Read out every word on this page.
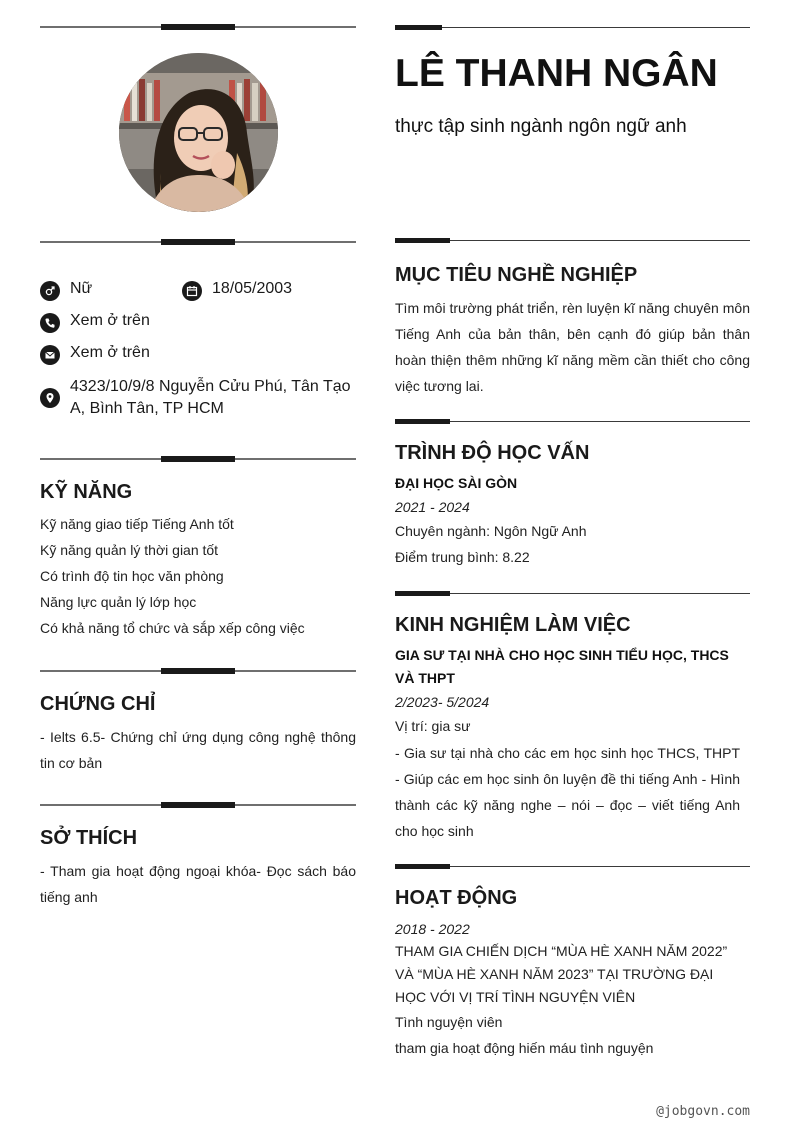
Nữ	18/05/2003
Xem ở trên
Xem ở trên
4323/10/9/8 Nguyễn Cửu Phú, Tân Tạo
A, Bình Tân, TP HCM
KỸ NĂNG
Kỹ năng giao tiếp Tiếng Anh tốt
Kỹ năng quản lý thời gian tốt
Có trình độ tin học văn phòng
Năng lực quản lý lớp học
Có khả năng tổ chức và sắp xếp công việc
CHỨNG CHỈ
- Ielts 6.5- Chứng chỉ ứng dụng công nghệ thông tin cơ bản
SỞ THÍCH
- Tham gia hoạt động ngoại khóa- Đọc sách báo tiếng anh
LÊ THANH NGÂN
thực tập sinh ngành ngôn ngữ anh
MỤC TIÊU NGHỀ NGHIỆP
Tìm môi trường phát triển, rèn luyện kĩ năng chuyên môn Tiếng Anh của bản thân, bên cạnh đó giúp bản thân hoàn thiện thêm những kĩ năng mềm cần thiết cho công việc tương lai.
TRÌNH ĐỘ HỌC VẤN
ĐẠI HỌC SÀI GÒN
2021 - 2024
Chuyên ngành: Ngôn Ngữ Anh
Điểm trung bình: 8.22
KINH NGHIỆM LÀM VIỆC
GIA SƯ TẠI NHÀ CHO HỌC SINH TIỂU HỌC, THCS VÀ THPT
2/2023- 5/2024
Vị trí: gia sư
- Gia sư tại nhà cho các em học sinh học THCS, THPT - Giúp các em học sinh ôn luyện đề thi tiếng Anh - Hình thành các kỹ năng nghe – nói – đọc – viết tiếng Anh cho học sinh
HOẠT ĐỘNG
2018 - 2022
THAM GIA CHIẾN DỊCH “MÙA HÈ XANH NĂM 2022” VÀ “MÙA HÈ XANH NĂM 2023” TẠI TRƯỜNG ĐẠI HỌC VỚI VỊ TRÍ TÌNH NGUYỆN VIÊN
Tình nguyện viên
tham gia hoạt động hiến máu tình nguyện
@jobgovn.com
